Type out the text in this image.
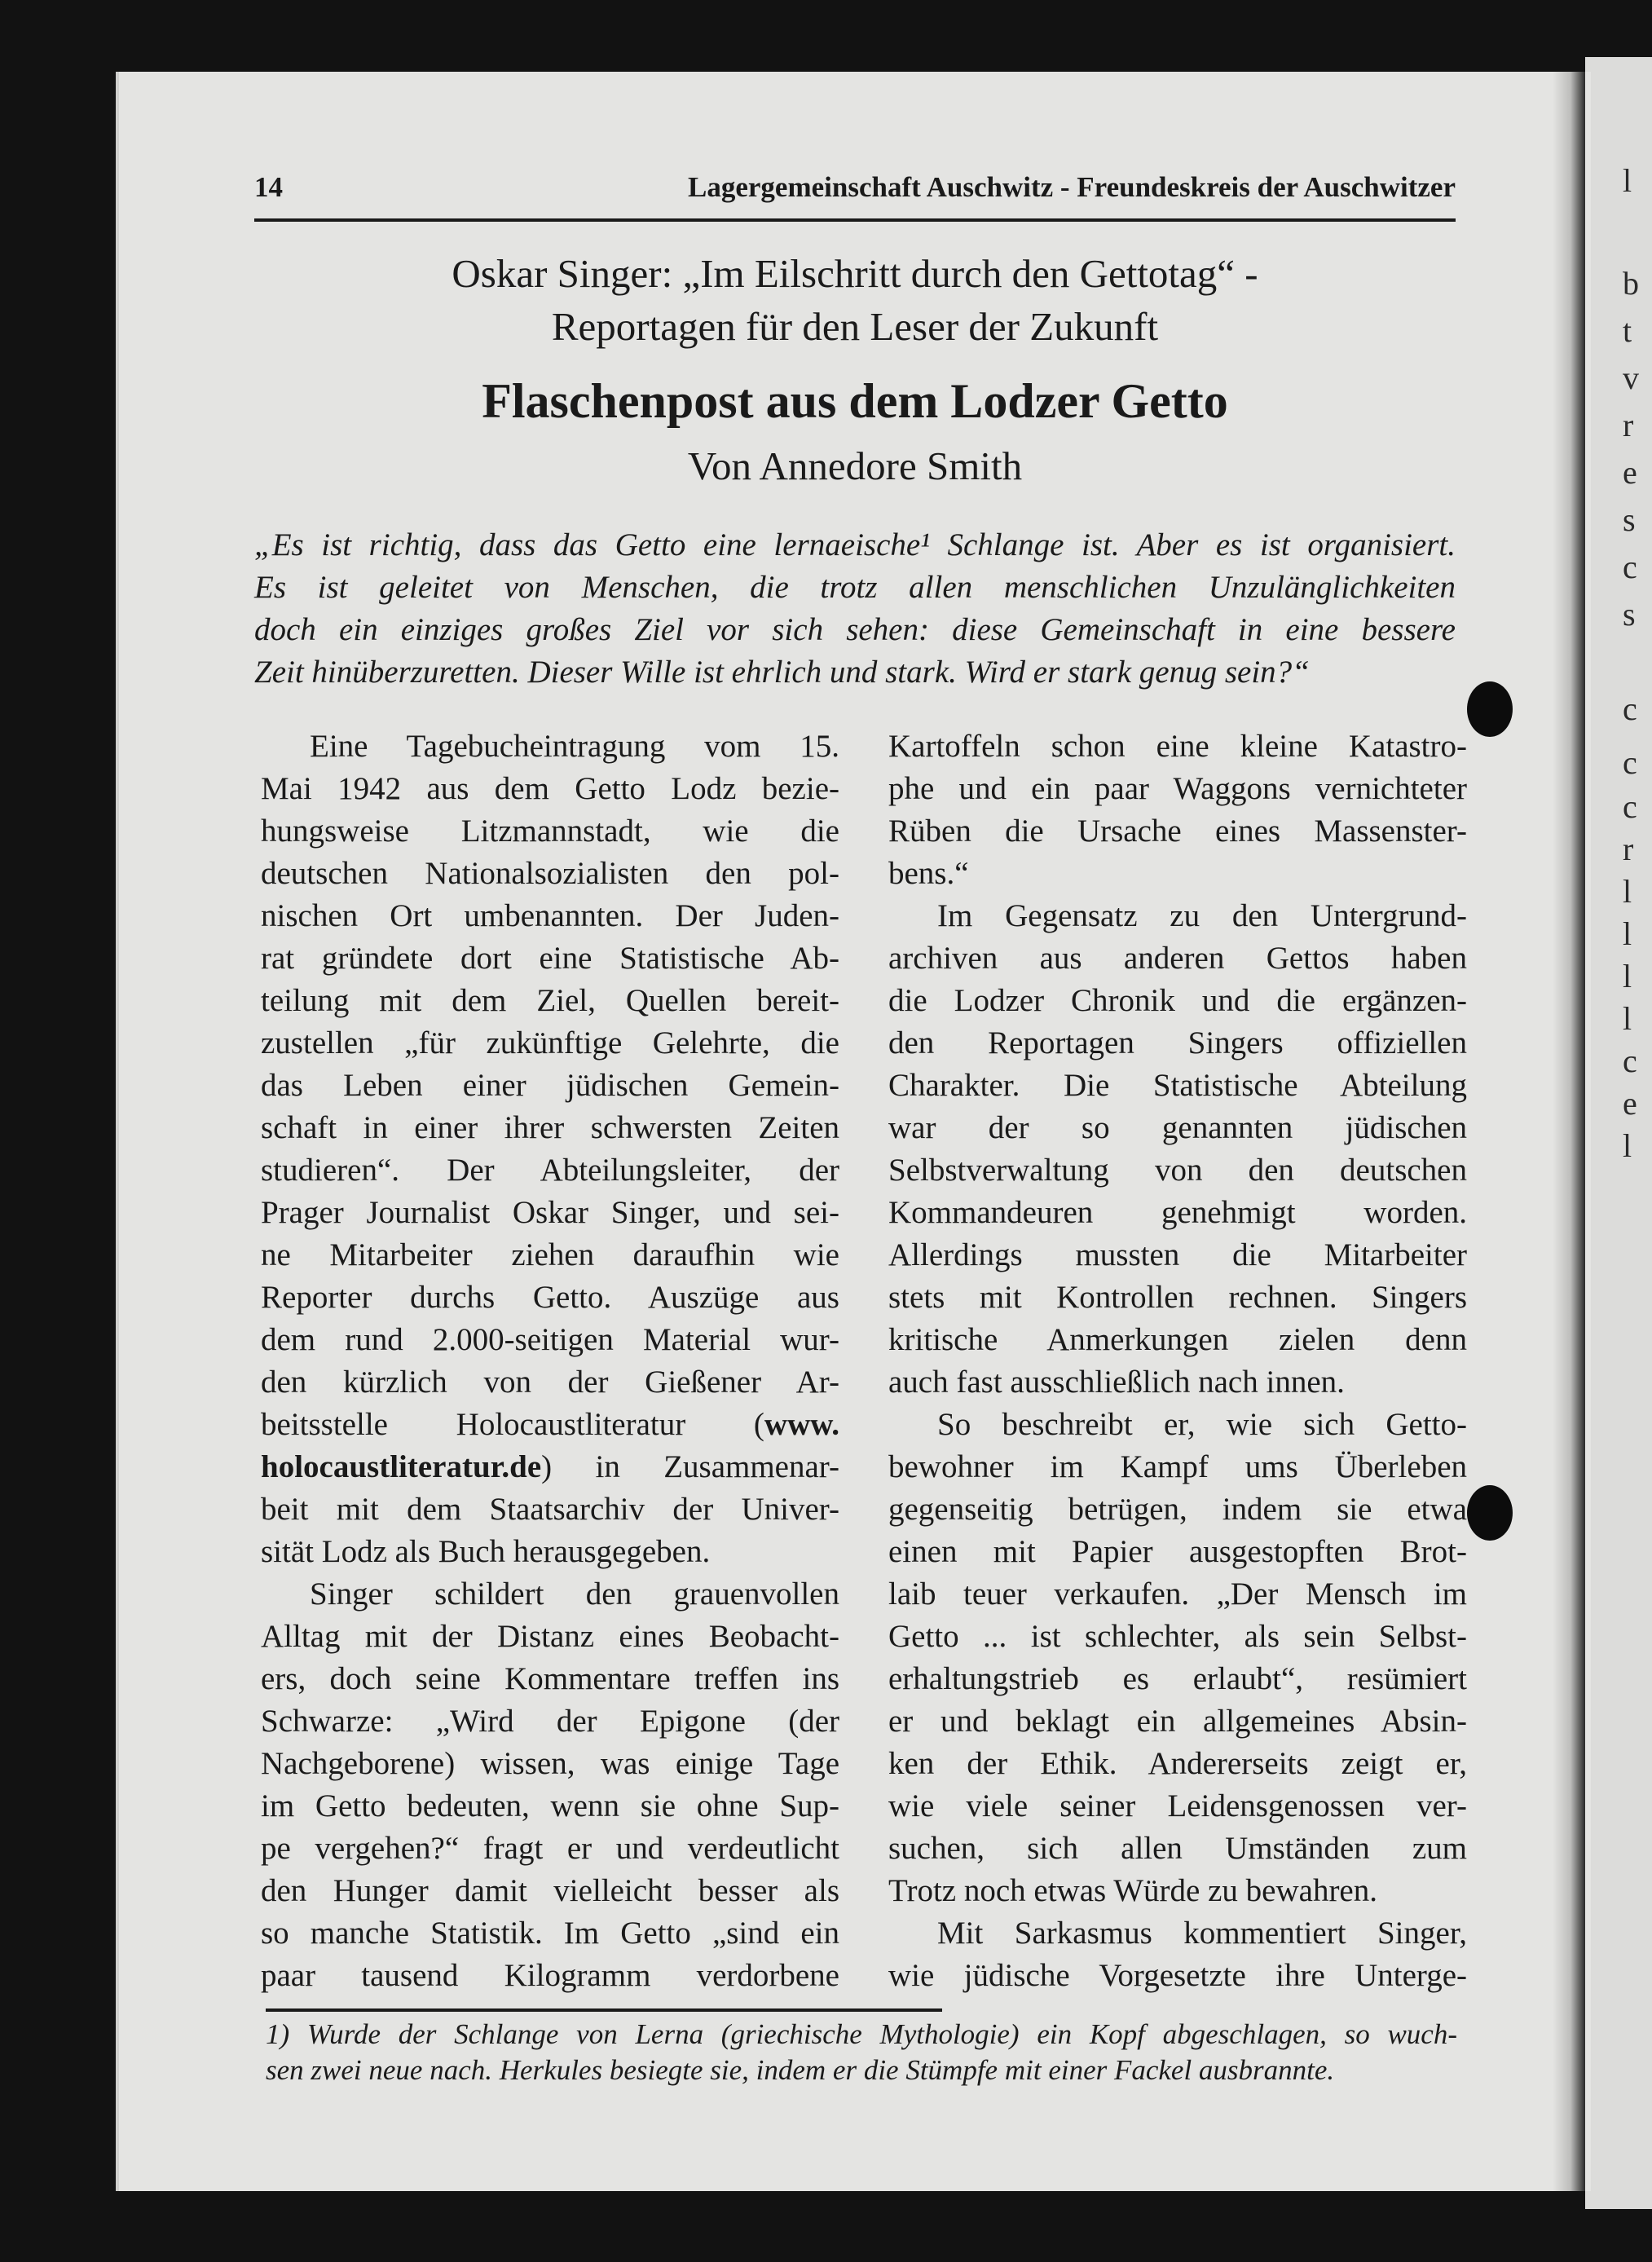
l
b
t
v
r
e
s
c
s
c
c
c
r
l
l
l
l
c
e
l
14	Lagergemeinschaft Auschwitz - Freundeskreis der Auschwitzer
Oskar Singer: „Im Eilschritt durch den Gettotag“ -
Reportagen für den Leser der Zukunft
Flaschenpost aus dem Lodzer Getto
Von Annedore Smith
„Es ist richtig, dass das Getto eine lernaeische¹ Schlange ist. Aber es ist organisiert.
Es ist geleitet von Menschen, die trotz allen menschlichen Unzulänglichkeiten
doch ein einziges großes Ziel vor sich sehen: diese Gemeinschaft in eine bessere
Zeit hinüberzuretten. Dieser Wille ist ehrlich und stark. Wird er stark genug sein?“
Eine Tagebucheintragung vom 15.
Mai 1942 aus dem Getto Lodz bezie-
hungsweise Litzmannstadt, wie die
deutschen Nationalsozialisten den pol-
nischen Ort umbenannten. Der Juden-
rat gründete dort eine Statistische Ab-
teilung mit dem Ziel, Quellen bereit-
zustellen „für zukünftige Gelehrte, die
das Leben einer jüdischen Gemein-
schaft in einer ihrer schwersten Zeiten
studieren“. Der Abteilungsleiter, der
Prager Journalist Oskar Singer, und sei-
ne Mitarbeiter ziehen daraufhin wie
Reporter durchs Getto. Auszüge aus
dem rund 2.000-seitigen Material wur-
den kürzlich von der Gießener Ar-
beitsstelle Holocaustliteratur (www.
holocaustliteratur.de) in Zusammenar-
beit mit dem Staatsarchiv der Univer-
sität Lodz als Buch herausgegeben.
Singer schildert den grauenvollen
Alltag mit der Distanz eines Beobacht-
ers, doch seine Kommentare treffen ins
Schwarze: „Wird der Epigone (der
Nachgeborene) wissen, was einige Tage
im Getto bedeuten, wenn sie ohne Sup-
pe vergehen?“ fragt er und verdeutlicht
den Hunger damit vielleicht besser als
so manche Statistik. Im Getto „sind ein
paar tausend Kilogramm verdorbene
Kartoffeln schon eine kleine Katastro-
phe und ein paar Waggons vernichteter
Rüben die Ursache eines Massenster-
bens.“
Im Gegensatz zu den Untergrund-
archiven aus anderen Gettos haben
die Lodzer Chronik und die ergänzen-
den Reportagen Singers offiziellen
Charakter. Die Statistische Abteilung
war der so genannten jüdischen
Selbstverwaltung von den deutschen
Kommandeuren genehmigt worden.
Allerdings mussten die Mitarbeiter
stets mit Kontrollen rechnen. Singers
kritische Anmerkungen zielen denn
auch fast ausschließlich nach innen.
So beschreibt er, wie sich Getto-
bewohner im Kampf ums Überleben
gegenseitig betrügen, indem sie etwa
einen mit Papier ausgestopften Brot-
laib teuer verkaufen. „Der Mensch im
Getto ... ist schlechter, als sein Selbst-
erhaltungstrieb es erlaubt“, resümiert
er und beklagt ein allgemeines Absin-
ken der Ethik. Andererseits zeigt er,
wie viele seiner Leidensgenossen ver-
suchen, sich allen Umständen zum
Trotz noch etwas Würde zu bewahren.
Mit Sarkasmus kommentiert Singer,
wie jüdische Vorgesetzte ihre Unterge-
1) Wurde der Schlange von Lerna (griechische Mythologie) ein Kopf abgeschlagen, so wuch-
sen zwei neue nach. Herkules besiegte sie, indem er die Stümpfe mit einer Fackel ausbrannte.
